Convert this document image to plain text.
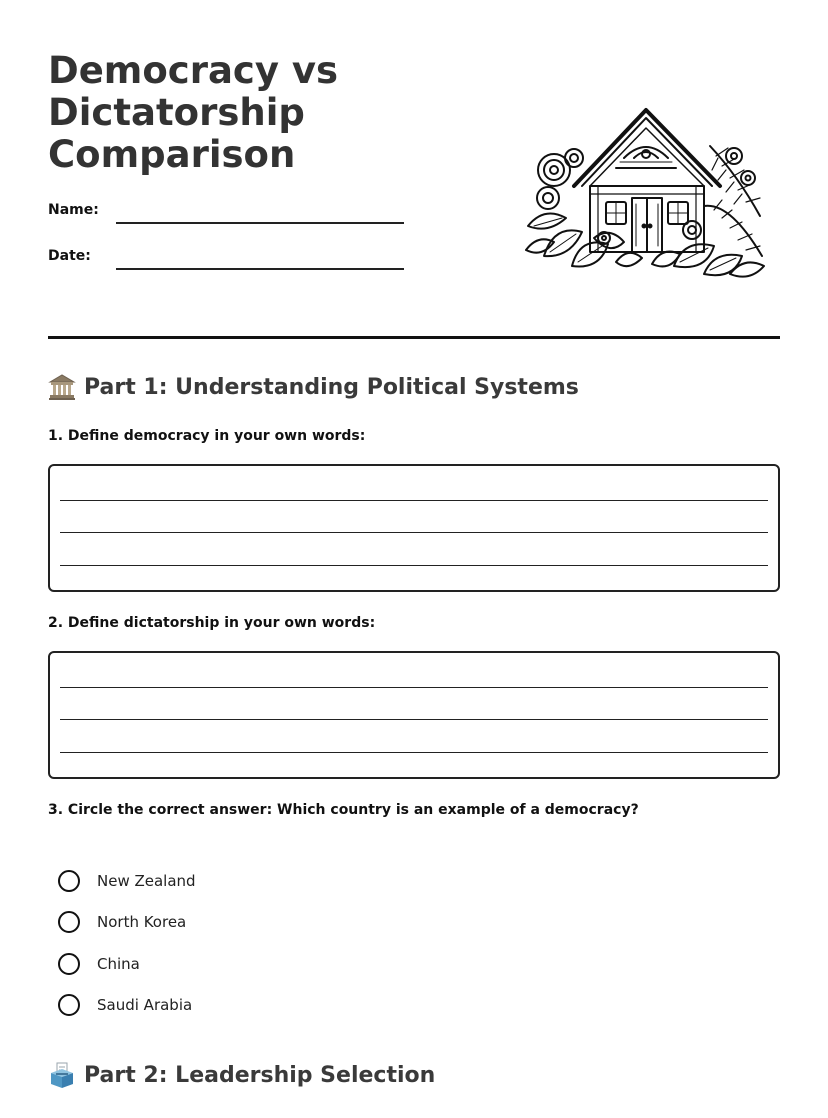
Democracy vs
Dictatorship
Comparison
Name:
Date:
Part 1: Understanding Political Systems
1. Define democracy in your own words:
2. Define dictatorship in your own words:
3. Circle the correct answer: Which country is an example of a democracy?
New Zealand
North Korea
China
Saudi Arabia
Part 2: Leadership Selection
